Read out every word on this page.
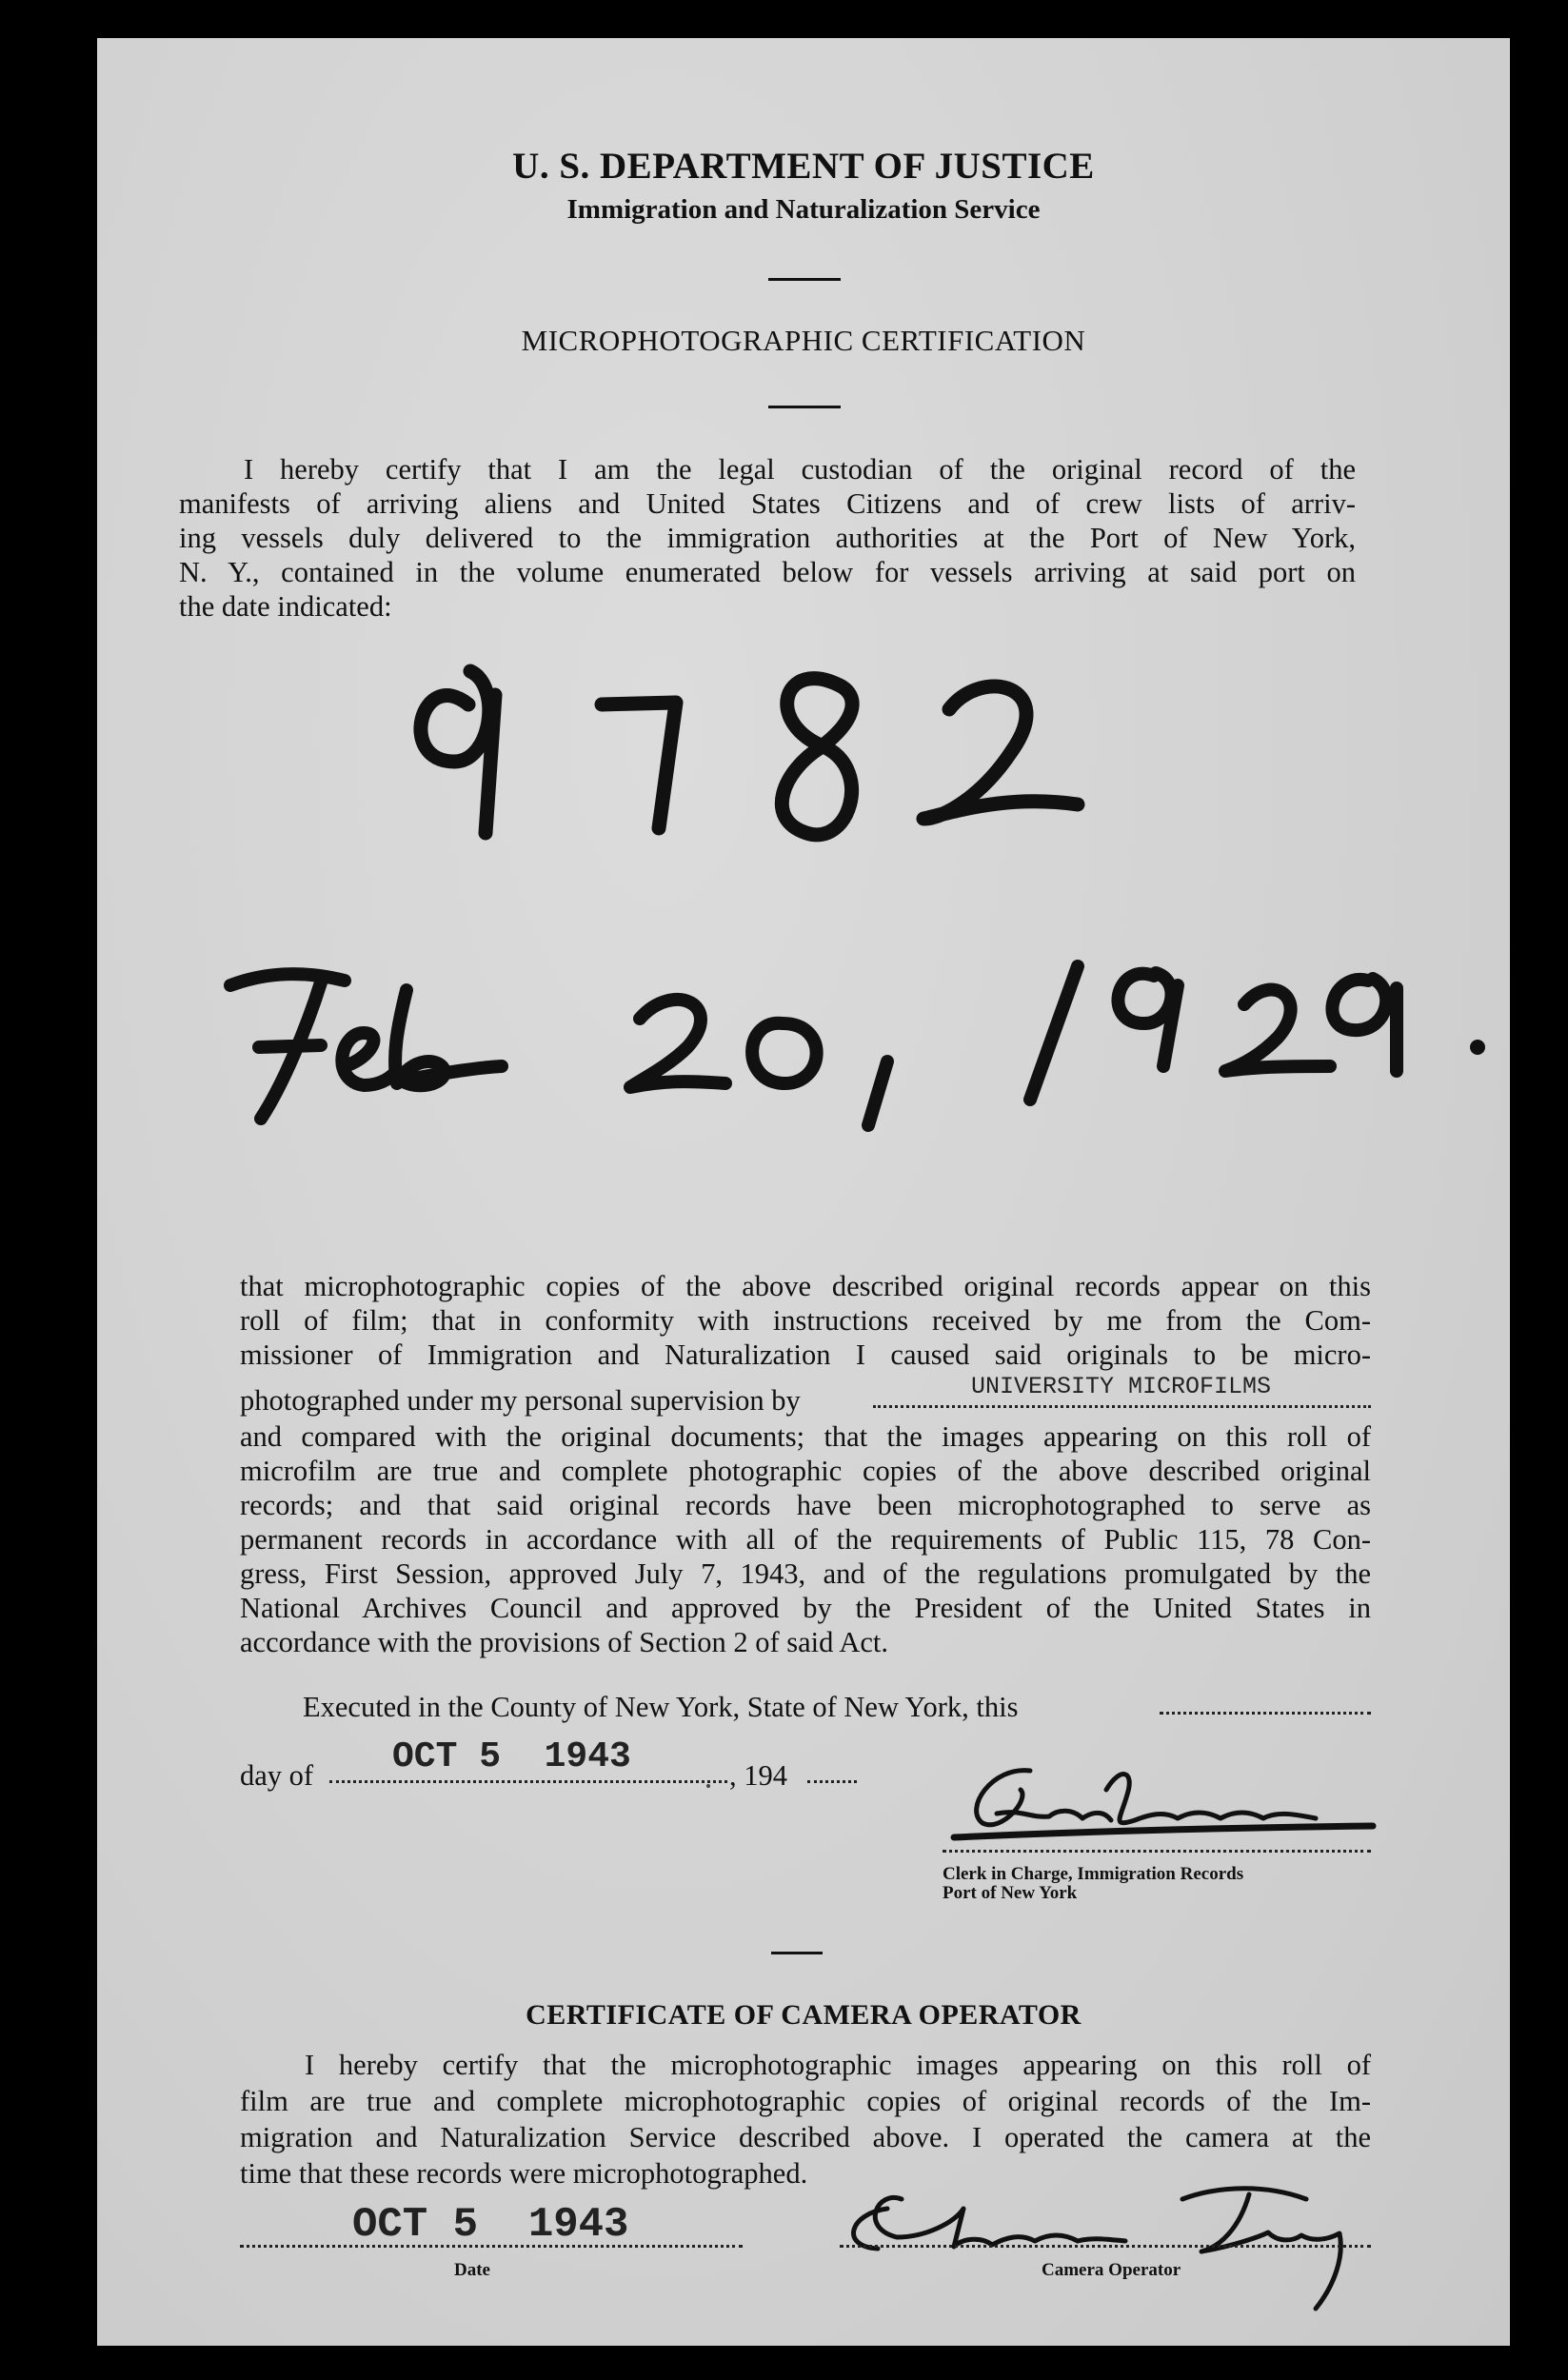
U. S. DEPARTMENT OF JUSTICE
Immigration and Naturalization Service
MICROPHOTOGRAPHIC CERTIFICATION
I hereby certify that I am the legal custodian of the original record of the
manifests of arriving aliens and United States Citizens and of crew lists of arriv-
ing vessels duly delivered to the immigration authorities at the Port of New York,
N. Y., contained in the volume enumerated below for vessels arriving at said port on
the date indicated:
that microphotographic copies of the above described original records appear on this
roll of film; that in conformity with instructions received by me from the Com-
missioner of Immigration and Naturalization I caused said originals to be micro-
photographed under my personal supervision by	UNIVERSITY MICROFILMS
and compared with the original documents; that the images appearing on this roll of
microfilm are true and complete photographic copies of the above described original
records; and that said original records have been microphotographed to serve as
permanent records in accordance with all of the requirements of Public 115, 78 Con-
gress, First Session, approved July 7, 1943, and of the regulations promulgated by the
National Archives Council and approved by the President of the United States in
accordance with the provisions of Section 2 of said Act.
Executed in the County of New York, State of New York, this
day of OCT 5  1943	, 194
Clerk in Charge, Immigration Records
Port of New York
CERTIFICATE OF CAMERA OPERATOR
I hereby certify that the microphotographic images appearing on this roll of
film are true and complete microphotographic copies of original records of the Im-
migration and Naturalization Service described above. I operated the camera at the
time that these records were microphotographed.
OCT 5  1943
Date	Camera Operator
